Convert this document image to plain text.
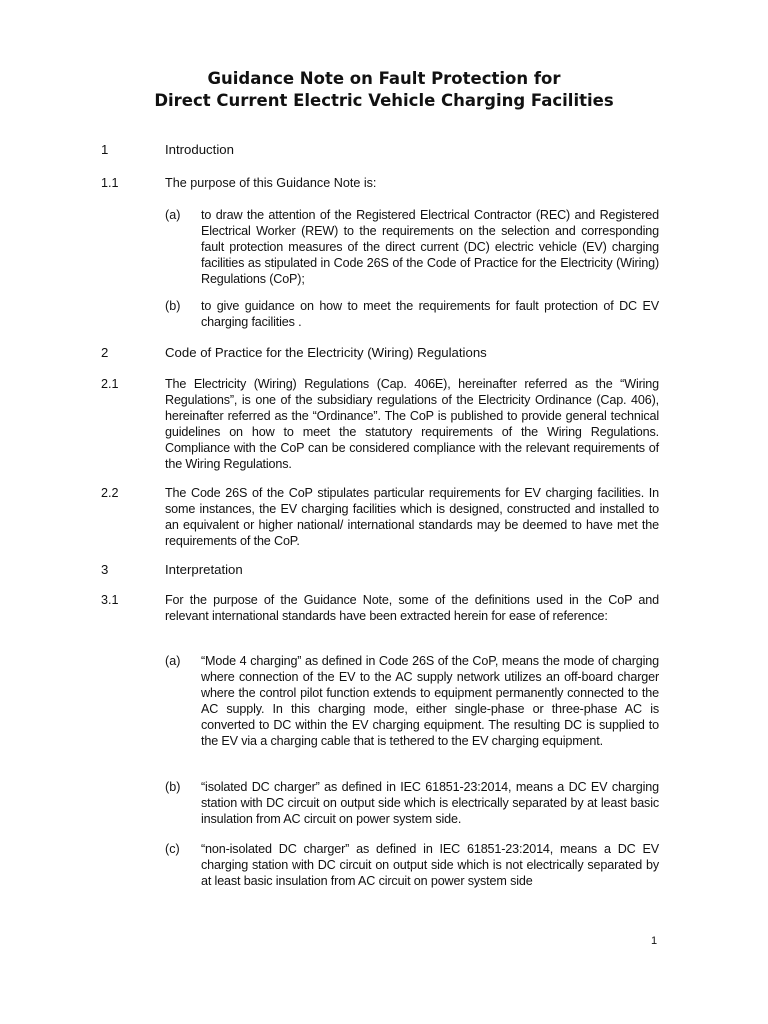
Guidance Note on Fault Protection for
Direct Current Electric Vehicle Charging Facilities
1	Introduction
1.1	The purpose of this Guidance Note is:
(a) to draw the attention of the Registered Electrical Contractor (REC) and Registered Electrical Worker (REW) to the requirements on the selection and corresponding fault protection measures of the direct current (DC) electric vehicle (EV) charging facilities as stipulated in Code 26S of the Code of Practice for the Electricity (Wiring) Regulations (CoP);
(b) to give guidance on how to meet the requirements for fault protection of DC EV charging facilities .
2	Code of Practice for the Electricity (Wiring) Regulations
2.1	The Electricity (Wiring) Regulations (Cap. 406E), hereinafter referred as the “Wiring Regulations”, is one of the subsidiary regulations of the Electricity Ordinance (Cap. 406), hereinafter referred as the “Ordinance”. The CoP is published to provide general technical guidelines on how to meet the statutory requirements of the Wiring Regulations. Compliance with the CoP can be considered compliance with the relevant requirements of the Wiring Regulations.
2.2	The Code 26S of the CoP stipulates particular requirements for EV charging facilities. In some instances, the EV charging facilities which is designed, constructed and installed to an equivalent or higher national/ international standards may be deemed to have met the requirements of the CoP.
3	Interpretation
3.1	For the purpose of the Guidance Note, some of the definitions used in the CoP and relevant international standards have been extracted herein for ease of reference:
(a) “Mode 4 charging” as defined in Code 26S of the CoP, means the mode of charging where connection of the EV to the AC supply network utilizes an off-board charger where the control pilot function extends to equipment permanently connected to the AC supply. In this charging mode, either single-phase or three-phase AC is converted to DC within the EV charging equipment. The resulting DC is supplied to the EV via a charging cable that is tethered to the EV charging equipment.
(b) “isolated DC charger” as defined in IEC 61851-23:2014, means a DC EV charging station with DC circuit on output side which is electrically separated by at least basic insulation from AC circuit on power system side.
(c) “non-isolated DC charger” as defined in IEC 61851-23:2014, means a DC EV charging station with DC circuit on output side which is not electrically separated by at least basic insulation from AC circuit on power system side
1
